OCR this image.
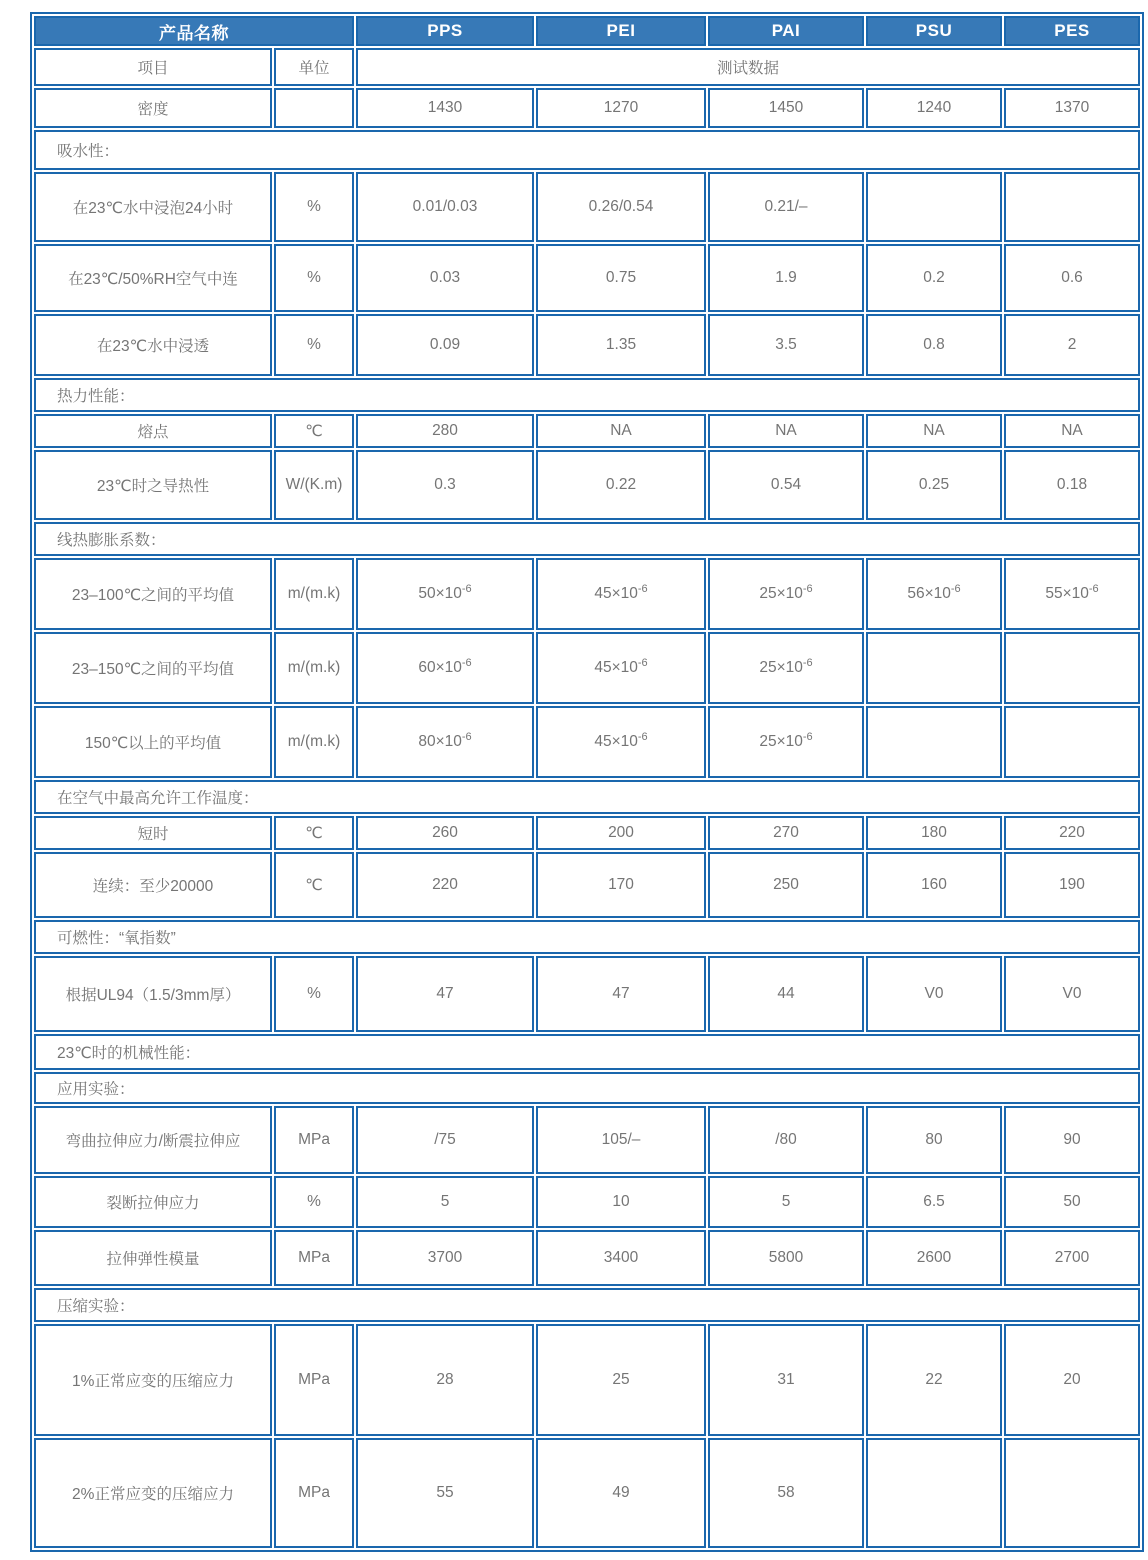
产品名称		PPS	PEI	PAI	PSU	PES
项目	单位	测试数据				
密度		1430	1270	1450	1240	1370
吸水性：						
在23℃水中浸泡24小时	%	0.01/0.03	0.26/0.54	0.21/–		
在23℃/50%RH空气中连	%	0.03	0.75	1.9	0.2	0.6
在23℃水中浸透	%	0.09	1.35	3.5	0.8	2
热力性能：						
熔点	℃	280	NA	NA	NA	NA
23℃时之导热性	W/(K.m)	0.3	0.22	0.54	0.25	0.18
线热膨胀系数：						
23–100℃之间的平均值	m/(m.k)	$50\times 10^{-6}$	$45\times 10^{-6}$	$25\times 10^{-6}$	$56\times 10^{-6}$	$55\times 10^{-6}$
23–150℃之间的平均值	m/(m.k)	$60\times 10^{-6}$	$45\times 10^{-6}$	$25\times 10^{-6}$		
150℃以上的平均值	m/(m.k)	$80\times 10^{-6}$	$45\times 10^{-6}$	$25\times 10^{-6}$		
在空气中最高允许工作温度：						
短时	℃	260	200	270	180	220
连续：至少20000	℃	220	170	250	160	190
可燃性：“氧指数”						
根据UL94（1.5/3mm厚）	%	47	47	44	V0	V0
23℃时的机械性能：						
应用实验：						
弯曲拉伸应力/断震拉伸应	MPa	/75	105/–	/80	80	90
裂断拉伸应力	%	5	10	5	6.5	50
拉伸弹性模量	MPa	3700	3400	5800	2600	2700
压缩实验：						
1%正常应变的压缩应力	MPa	28	25	31	22	20
2%正常应变的压缩应力	MPa	55	49	58		
